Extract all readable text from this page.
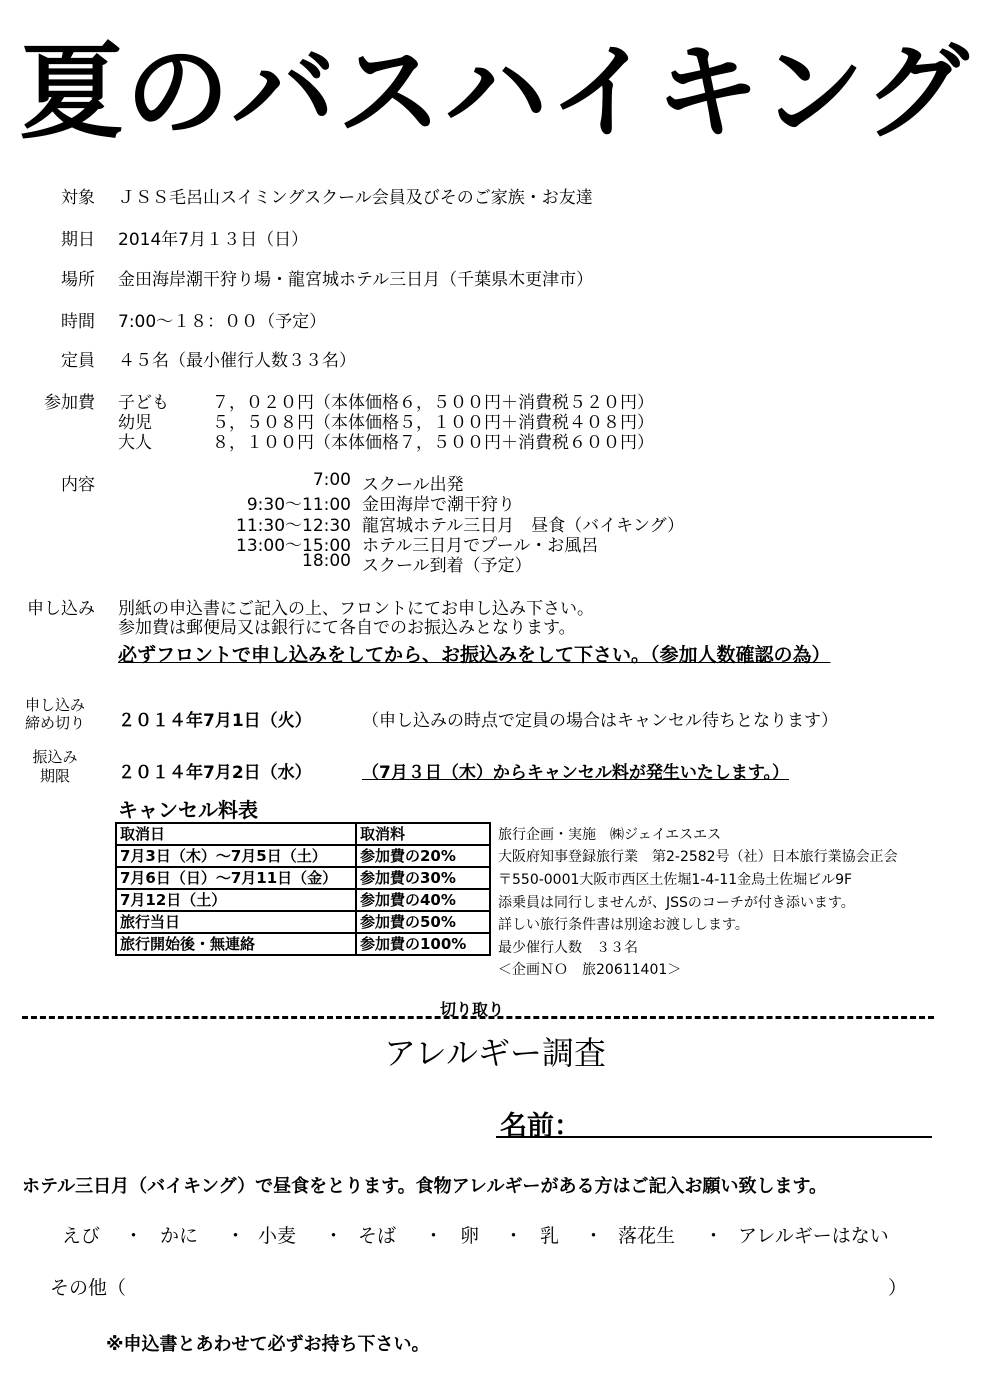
夏のバスハイキング
対象 ＪＳＳ毛呂山スイミングスクール会員及びそのご家族・お友達
期日 2014年7月１３日（日）
場所 金田海岸潮干狩り場・龍宮城ホテル三日月（千葉県木更津市）
時間 7:00～１８：００（予定）
定員 ４５名（最小催行人数３３名）
参加費 子ども	７，０２０円（本体価格６，５００円＋消費税５２０円）
幼児	５，５０８円（本体価格５，１００円＋消費税４０８円）
大人	８，１００円（本体価格７，５００円＋消費税６００円）
内容	7:00 スクール出発
9:30～11:00 金田海岸で潮干狩り
11:30～12:30 龍宮城ホテル三日月　昼食（バイキング）
13:00～15:00 ホテル三日月でプール・お風呂
18:00 スクール到着（予定）
申し込み 別紙の申込書にご記入の上、フロントにてお申し込み下さい。
参加費は郵便局又は銀行にて各自でのお振込みとなります。
必ずフロントで申し込みをしてから、お振込みをして下さい。（参加人数確認の為）
申し込み
締め切り	２０１４年7月1日（火）	（申し込みの時点で定員の場合はキャンセル待ちとなります）
振込み
期限	２０１４年7月2日（水）	（7月３日（木）からキャンセル料が発生いたします。）
キャンセル料表
取消日	取消料
7月3日（木）～7月5日（土）	参加費の20%
7月6日（日）～7月11日（金）	参加費の30%
7月12日（土）	参加費の40%
旅行当日	参加費の50%
旅行開始後・無連絡	参加費の100%
旅行企画・実施　㈱ジェイエスエス
大阪府知事登録旅行業　第2-2582号（社）日本旅行業協会正会
〒550-0001大阪市西区土佐堀1-4-11金鳥土佐堀ビル9F
添乗員は同行しませんが、JSSのコーチが付き添います。
詳しい旅行条件書は別途お渡しします。
最少催行人数　３３名
＜企画ＮＯ　旅20611401＞
切り取り
アレルギー調査
名前：
ホテル三日月（バイキング）で昼食をとります。食物アレルギーがある方はご記入お願い致します。
えび ・ かに ・ 小麦 ・ そば ・ 卵 ・ 乳 ・ 落花生 ・ アレルギーはない
その他（	）
※申込書とあわせて必ずお持ち下さい。
